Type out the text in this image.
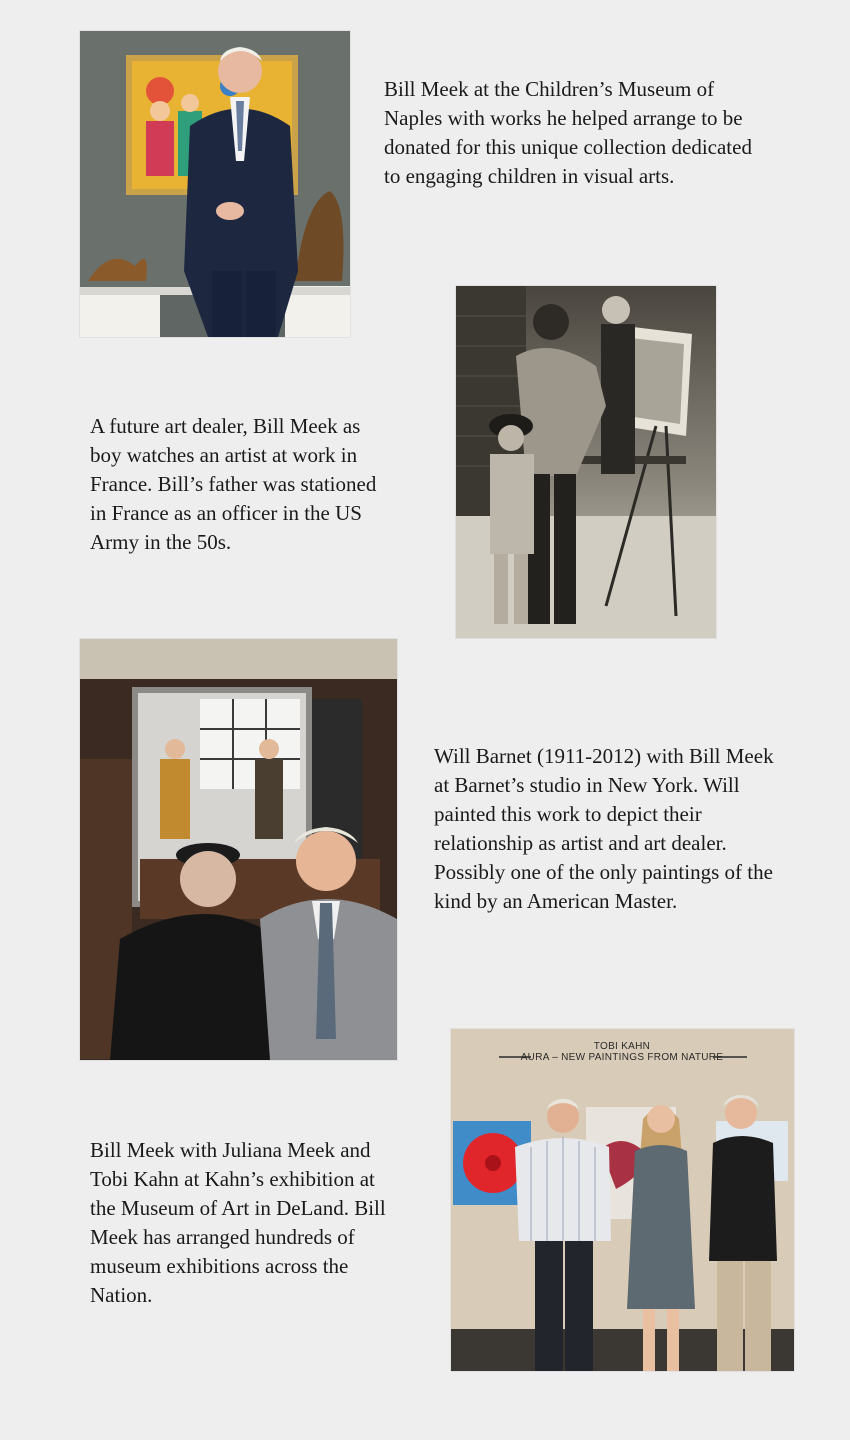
Bill Meek at the Children’s Museum of Naples with works he helped arrange to be donated for this unique collection dedicated to engaging children in visual arts.

A future art dealer, Bill Meek as boy watches an artist at work in France. Bill’s father was stationed in France as an officer in the US Army in the 50s.

Will Barnet (1911-2012) with Bill Meek at Barnet’s studio in New York. Will painted this work to depict their relationship as artist and art dealer. Possibly one of the only paintings of the kind by an American Master.

TOBI KAHN
AURA – NEW PAINTINGS FROM NATURE

Bill Meek with Juliana Meek and Tobi Kahn at Kahn’s exhibition at the Museum of Art in DeLand. Bill Meek has arranged hundreds of museum exhibitions across the Nation.
